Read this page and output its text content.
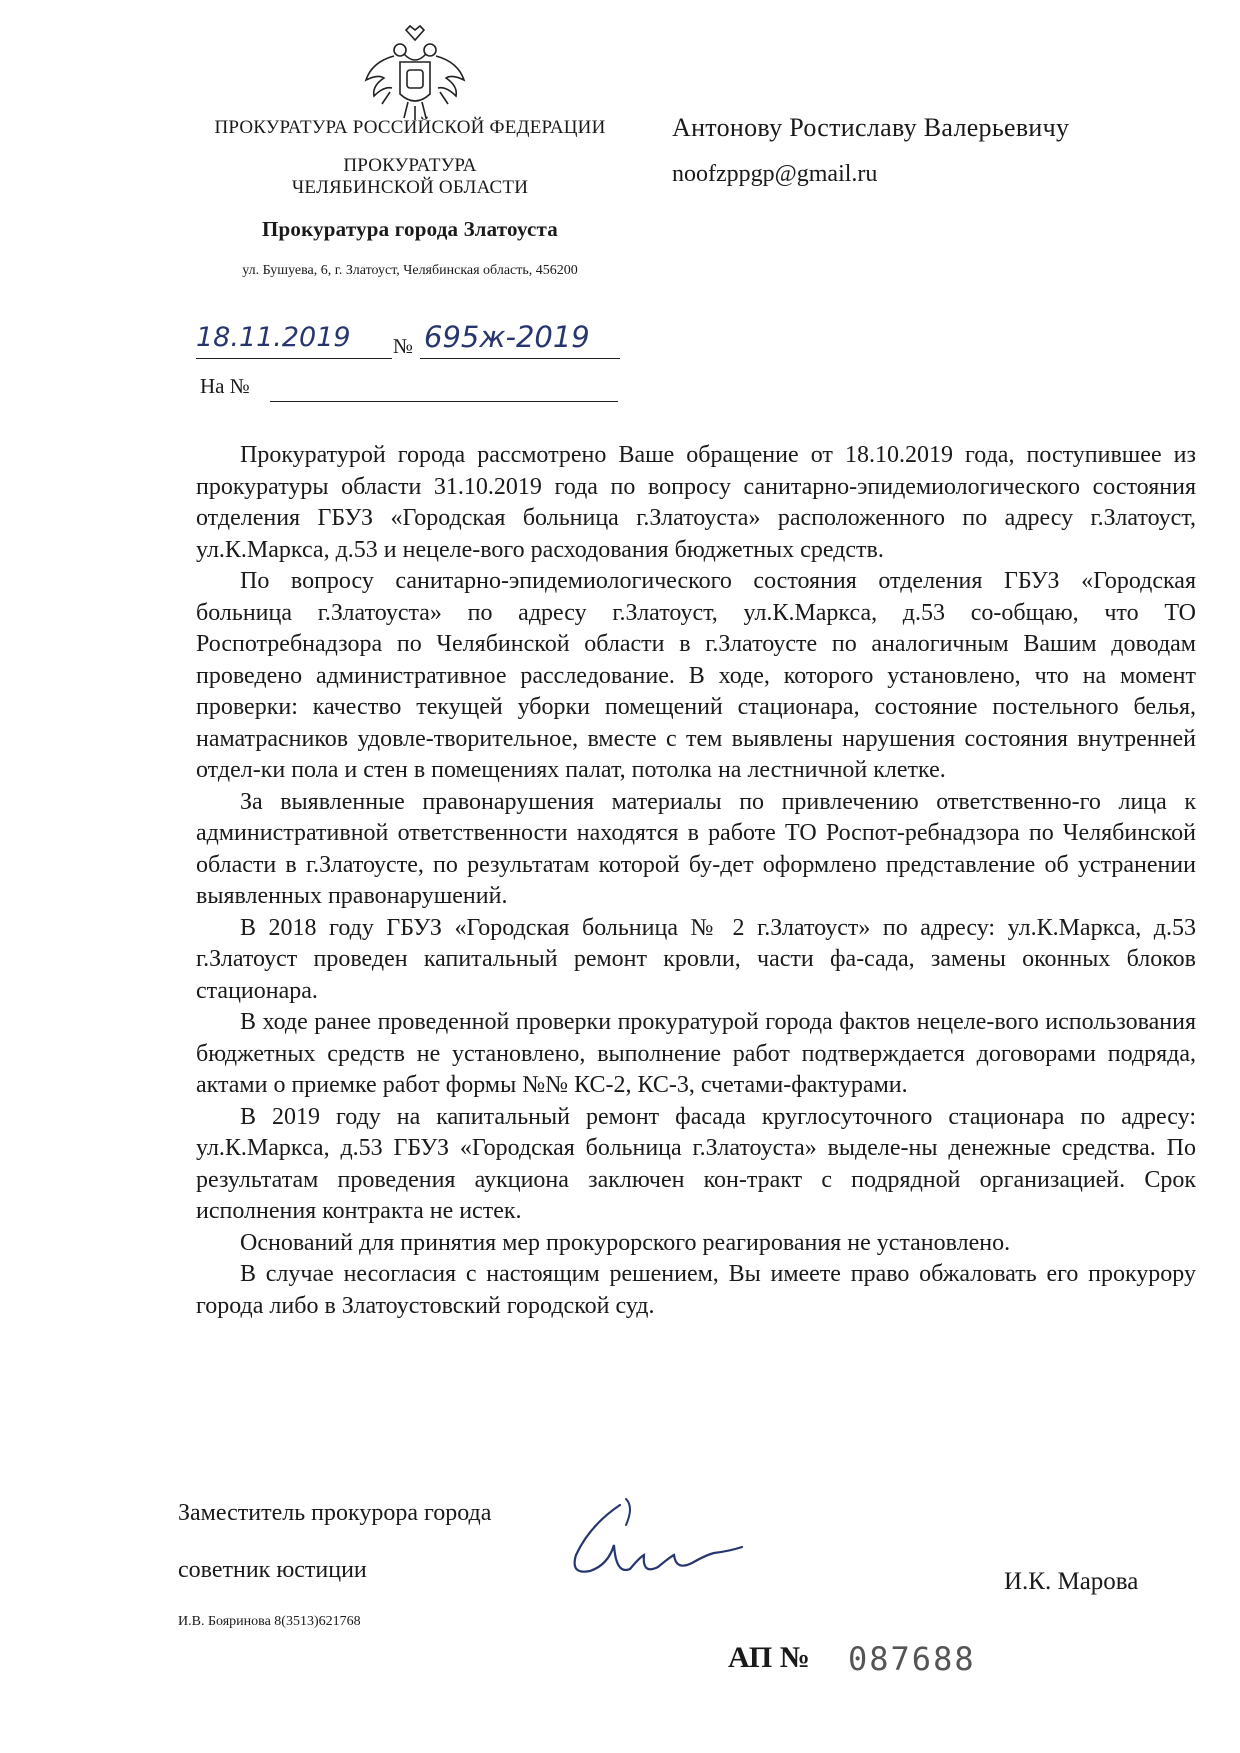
ПРОКУРАТУРА РОССИЙСКОЙ ФЕДЕРАЦИИ
ПРОКУРАТУРА
ЧЕЛЯБИНСКОЙ ОБЛАСТИ
Прокуратура города Златоуста
ул. Бушуева, 6, г. Златоуст, Челябинская область, 456200
Антонову Ростиславу Валерьевичу
noofzppgp@gmail.ru
18.11.2019 № 695ж-2019
На №

Прокуратурой города рассмотрено Ваше обращение от 18.10.2019 года, поступившее из прокуратуры области 31.10.2019 года по вопросу санитарно-эпидемиологического состояния отделения ГБУЗ «Городская больница г.Златоуста» расположенного по адресу г.Златоуст, ул.К.Маркса, д.53 и нецеле-вого расходования бюджетных средств.

По вопросу санитарно-эпидемиологического состояния отделения ГБУЗ «Городская больница г.Златоуста» по адресу г.Златоуст, ул.К.Маркса, д.53 со-общаю, что ТО Роспотребнадзора по Челябинской области в г.Златоусте по аналогичным Вашим доводам проведено административное расследование. В ходе, которого установлено, что на момент проверки: качество текущей уборки помещений стационара, состояние постельного белья, наматрасников удовле-творительное, вместе с тем выявлены нарушения состояния внутренней отдел-ки пола и стен в помещениях палат, потолка на лестничной клетке.

За выявленные правонарушения материалы по привлечению ответственно-го лица к административной ответственности находятся в работе ТО Роспот-ребнадзора по Челябинской области в г.Златоусте, по результатам которой бу-дет оформлено представление об устранении выявленных правонарушений.

В 2018 году ГБУЗ «Городская больница № 2 г.Златоуст» по адресу: ул.К.Маркса, д.53 г.Златоуст проведен капитальный ремонт кровли, части фа-сада, замены оконных блоков стационара.

В ходе ранее проведенной проверки прокуратурой города фактов нецеле-вого использования бюджетных средств не установлено, выполнение работ подтверждается договорами подряда, актами о приемке работ формы №№ КС-2, КС-3, счетами-фактурами.

В 2019 году на капитальный ремонт фасада круглосуточного стационара по адресу: ул.К.Маркса, д.53 ГБУЗ «Городская больница г.Златоуста» выделе-ны денежные средства. По результатам проведения аукциона заключен кон-тракт с подрядной организацией. Срок исполнения контракта не истек.

Оснований для принятия мер прокурорского реагирования не установлено.

В случае несогласия с настоящим решением, Вы имеете право обжаловать его прокурору города либо в Златоустовский городской суд.

Заместитель прокурора города
советник юстиции	И.К. Марова
И.В. Бояринова 8(3513)621768
АП № 087688
